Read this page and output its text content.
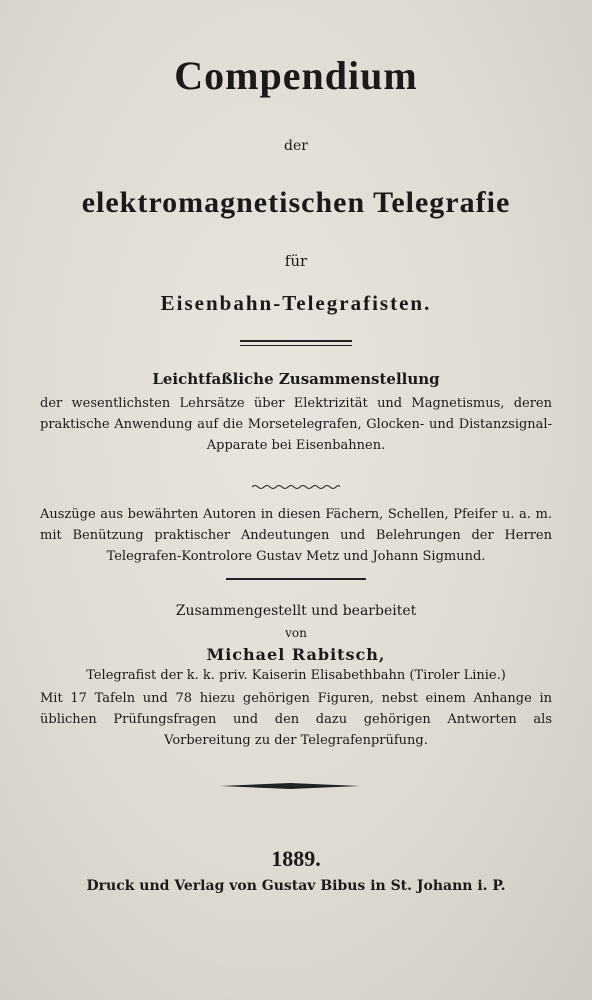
Compendium
der
elektromagnetischen Telegrafie
für
Eisenbahn-Telegrafisten.
Leichtfaßliche Zusammenstellung
der wesentlichsten Lehrsätze über Elektrizität und Magnetismus, deren praktische Anwendung auf die Morsetelegrafen, Glocken- und Distanzsignal-Apparate bei Eisenbahnen.
Auszüge aus bewährten Autoren in diesen Fächern, Schellen, Pfeifer u. a. m. mit Benützung praktischer Andeutungen und Belehrungen der Herren Telegrafen-Kontrolore Gustav Metz und Johann Sigmund.
Zusammengestellt und bearbeitet
von
Michael Rabitsch,
Telegrafist der k. k. priv. Kaiserin Elisabethbahn (Tiroler Linie.)
Mit 17 Tafeln und 78 hiezu gehörigen Figuren, nebst einem Anhange in üblichen Prüfungsfragen und den dazu gehörigen Antworten als Vorbereitung zu der Telegrafenprüfung.
1889.
Druck und Verlag von Gustav Bibus in St. Johann i. P.
